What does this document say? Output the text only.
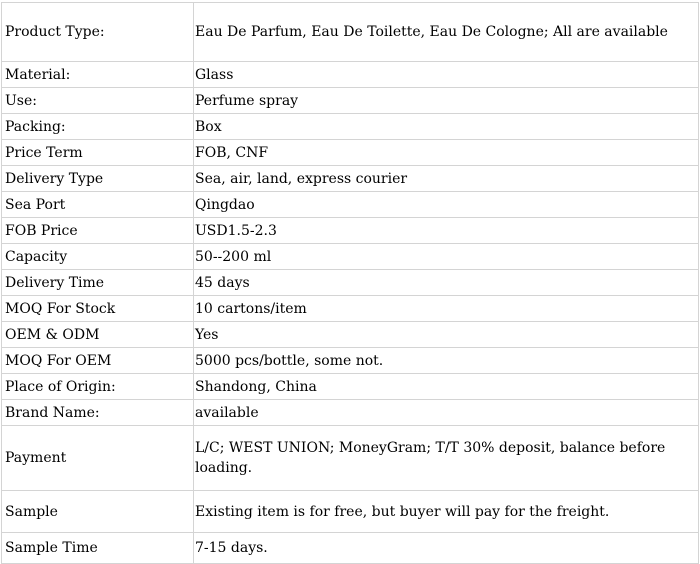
Product Type:	Eau De Parfum, Eau De Toilette, Eau De Cologne; All are available
Material:	Glass
Use:	Perfume spray
Packing:	Box
Price Term	FOB, CNF
Delivery Type	Sea, air, land, express courier
Sea Port	Qingdao
FOB Price	USD1.5-2.3
Capacity	50--200 ml
Delivery Time	45 days
MOQ For Stock	10 cartons/item
OEM & ODM	Yes
MOQ For OEM	5000 pcs/bottle, some not.
Place of Origin:	Shandong, China
Brand Name:	available
Payment	L/C; WEST UNION; MoneyGram; T/T 30% deposit, balance before loading.
Sample	Existing item is for free, but buyer will pay for the freight.
Sample Time	7-15 days.
